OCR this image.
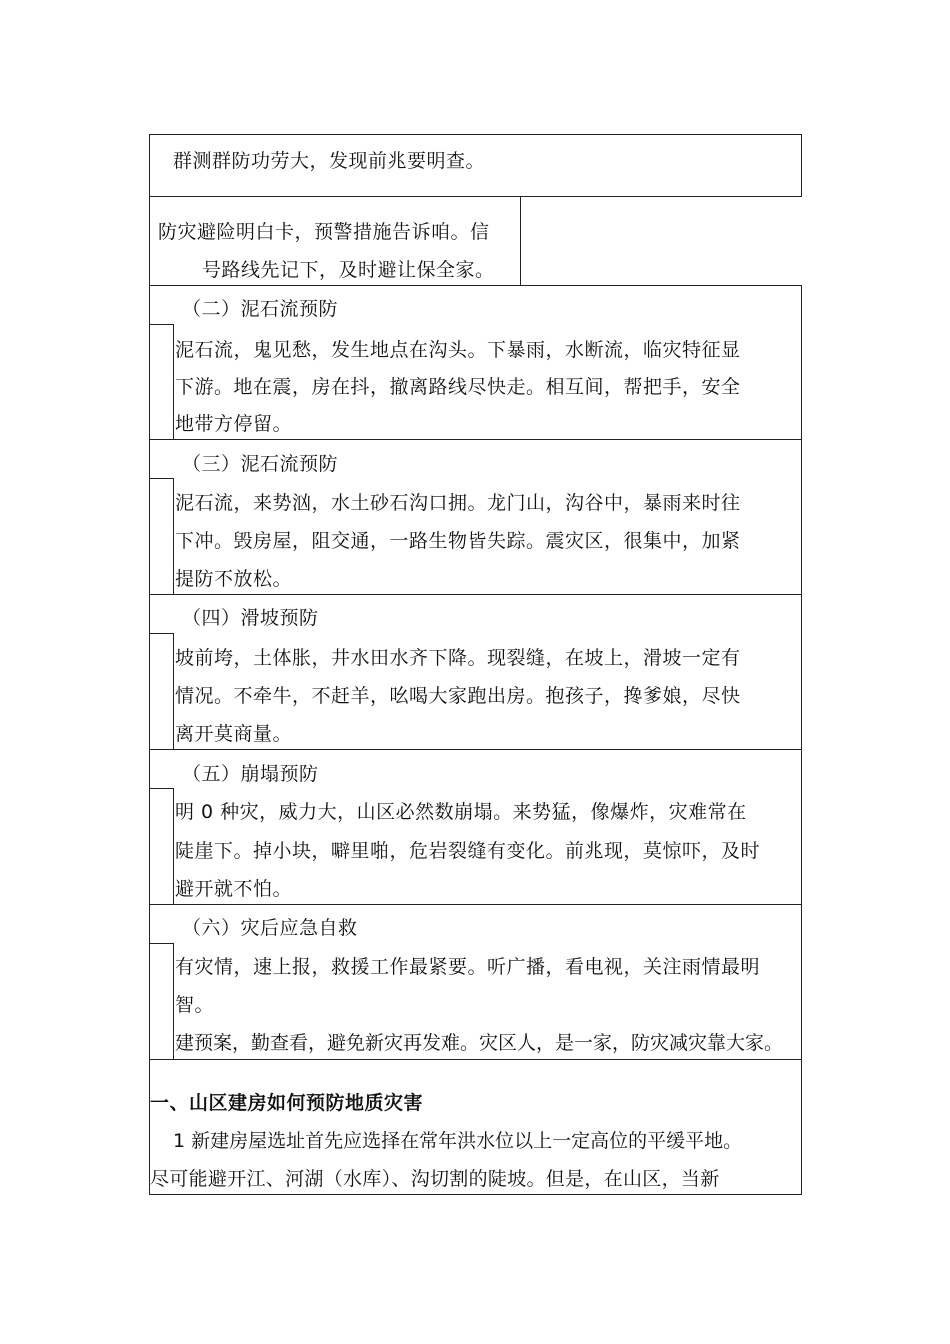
群测群防功劳大，发现前兆要明查。
防灾避险明白卡，预警措施告诉咱。信
号路线先记下，及时避让保全家。
（二）泥石流预防
泥石流，鬼见愁，发生地点在沟头。下暴雨，水断流，临灾特征显
下游。地在震，房在抖，撤离路线尽快走。相互间，帮把手，安全
地带方停留。
（三）泥石流预防
泥石流，来势汹，水土砂石沟口拥。龙门山，沟谷中，暴雨来时往
下冲。毁房屋，阻交通，一路生物皆失踪。震灾区，很集中，加紧
提防不放松。
（四）滑坡预防
坡前垮，土体胀，井水田水齐下降。现裂缝，在坡上，滑坡一定有
情况。不牵牛，不赶羊，吆喝大家跑出房。抱孩子，搀爹娘，尽快
离开莫商量。
（五）崩塌预防
明 0 种灾，威力大，山区必然数崩塌。来势猛，像爆炸，灾难常在
陡崖下。掉小块，噼里啪，危岩裂缝有变化。前兆现，莫惊吓，及时
避开就不怕。
（六）灾后应急自救
有灾情，速上报，救援工作最紧要。听广播，看电视，关注雨情最明
智。
建预案，勤查看，避免新灾再发难。灾区人，是一家，防灾减灾靠大家。
一、山区建房如何预防地质灾害
1 新建房屋选址首先应选择在常年洪水位以上一定高位的平缓平地。
尽可能避开江、河湖（水库）、沟切割的陡坡。但是，在山区，当新
